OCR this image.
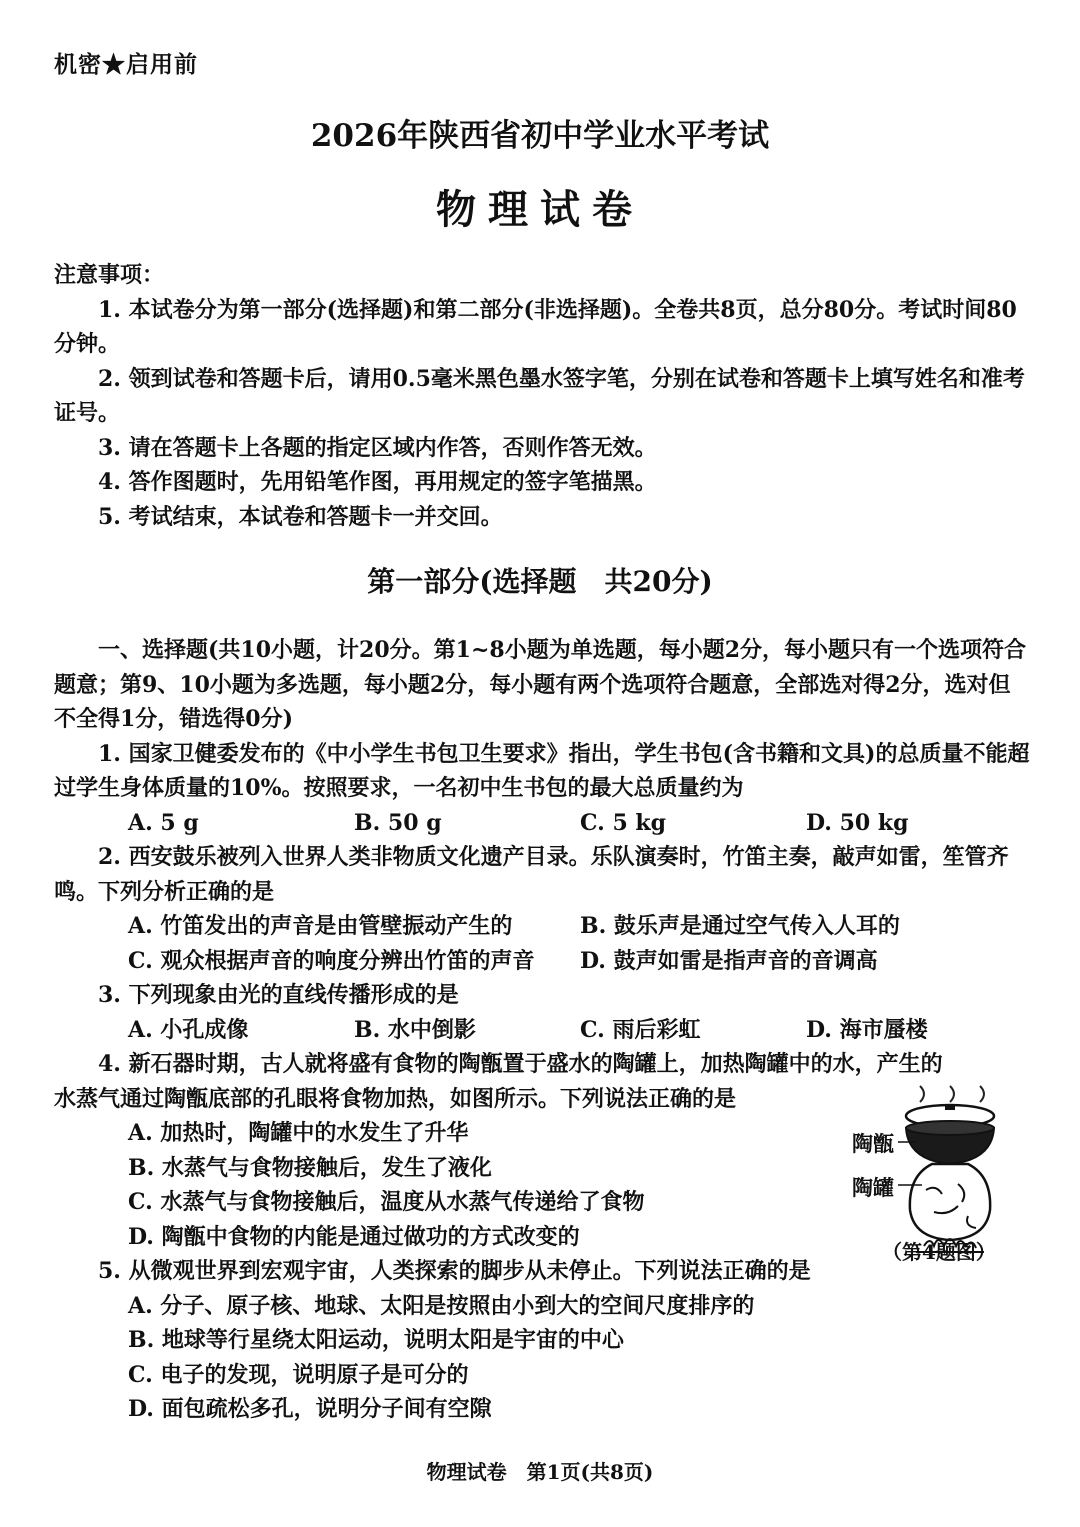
机密★启用前
2026年陕西省初中学业水平考试
物理试卷

注意事项：

1. 本试卷分为第一部分(选择题)和第二部分(非选择题)。全卷共8页，总分80分。考试时间80分钟。

2. 领到试卷和答题卡后，请用0.5毫米黑色墨水签字笔，分别在试卷和答题卡上填写姓名和准考证号。

3. 请在答题卡上各题的指定区域内作答，否则作答无效。

4. 答作图题时，先用铅笔作图，再用规定的签字笔描黑。

5. 考试结束，本试卷和答题卡一并交回。

第一部分(选择题　共20分)

一、选择题(共10小题，计20分。第1~8小题为单选题，每小题2分，每小题只有一个选项符合题意；第9、10小题为多选题，每小题2分，每小题有两个选项符合题意，全部选对得2分，选对但不全得1分，错选得0分)

1. 国家卫健委发布的《中小学生书包卫生要求》指出，学生书包(含书籍和文具)的总质量不能超过学生身体质量的10%。按照要求，一名初中生书包的最大总质量约为

A. 5 g	B. 50 g	C. 5 kg	D. 50 kg

2. 西安鼓乐被列入世界人类非物质文化遗产目录。乐队演奏时，竹笛主奏，敲声如雷，笙管齐鸣。下列分析正确的是

A. 竹笛发出的声音是由管壁振动产生的	B. 鼓乐声是通过空气传入人耳的
C. 观众根据声音的响度分辨出竹笛的声音	D. 鼓声如雷是指声音的音调高

3. 下列现象由光的直线传播形成的是

A. 小孔成像	B. 水中倒影	C. 雨后彩虹	D. 海市蜃楼

4. 新石器时期，古人就将盛有食物的陶甑置于盛水的陶罐上，加热陶罐中的水，产生的

水蒸气通过陶甑底部的孔眼将食物加热，如图所示。下列说法正确的是

A. 加热时，陶罐中的水发生了升华

B. 水蒸气与食物接触后，发生了液化

C. 水蒸气与食物接触后，温度从水蒸气传递给了食物

D. 陶甑中食物的内能是通过做功的方式改变的

5. 从微观世界到宏观宇宙，人类探索的脚步从未停止。下列说法正确的是

A. 分子、原子核、地球、太阳是按照由小到大的空间尺度排序的

B. 地球等行星绕太阳运动，说明太阳是宇宙的中心

C. 电子的发现，说明原子是可分的

D. 面包疏松多孔，说明分子间有空隙

陶甑
陶罐
（第4题图）
物理试卷　第1页(共8页)
